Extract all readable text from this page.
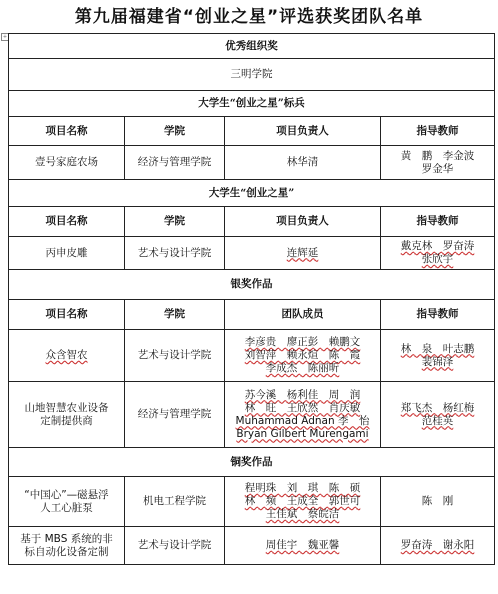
第九届福建省“创业之星”评选获奖团队名单
+
优秀组织奖			
三明学院			
大学生“创业之星”标兵			
项目名称	学院	项目负责人	指导教师
壹号家庭农场	经济与管理学院	林华清	黄　鹏　李金波
罗金华

大学生“创业之星”			
项目名称	学院	项目负责人	指导教师
丙申皮雕	艺术与设计学院	连辉延	戴克林　罗奋涛
张欣宇

银奖作品			
项目名称	学院	团队成员	指导教师

众含智农	艺术与设计学院	李彦贵　廖正彭　赖鹏文
刘智萍　赖永煊　陈　霞
李成杰　陈丽昕	林　泉　叶志鹏
裴锦泽

山地智慧农业设备
定制提供商	经济与管理学院	苏今溪　杨利佳　周　润
林　旺　王欣然　肖庆敏
Muhammad Adnan 李　怡
Bryan Gilbert Murengami	郑飞杰　杨红梅
范桂英

铜奖作品			

“中国心”—磁悬浮
人工心脏泵	机电工程学院	程明珠　刘　琪　陈　硕
林　频　王成全　郭世可
王佳斌　蔡皖洁	陈　刚

基于 MBS 系统的非
标自动化设备定制	艺术与设计学院	周佳宇　魏亚馨	罗奋涛　谢永阳
